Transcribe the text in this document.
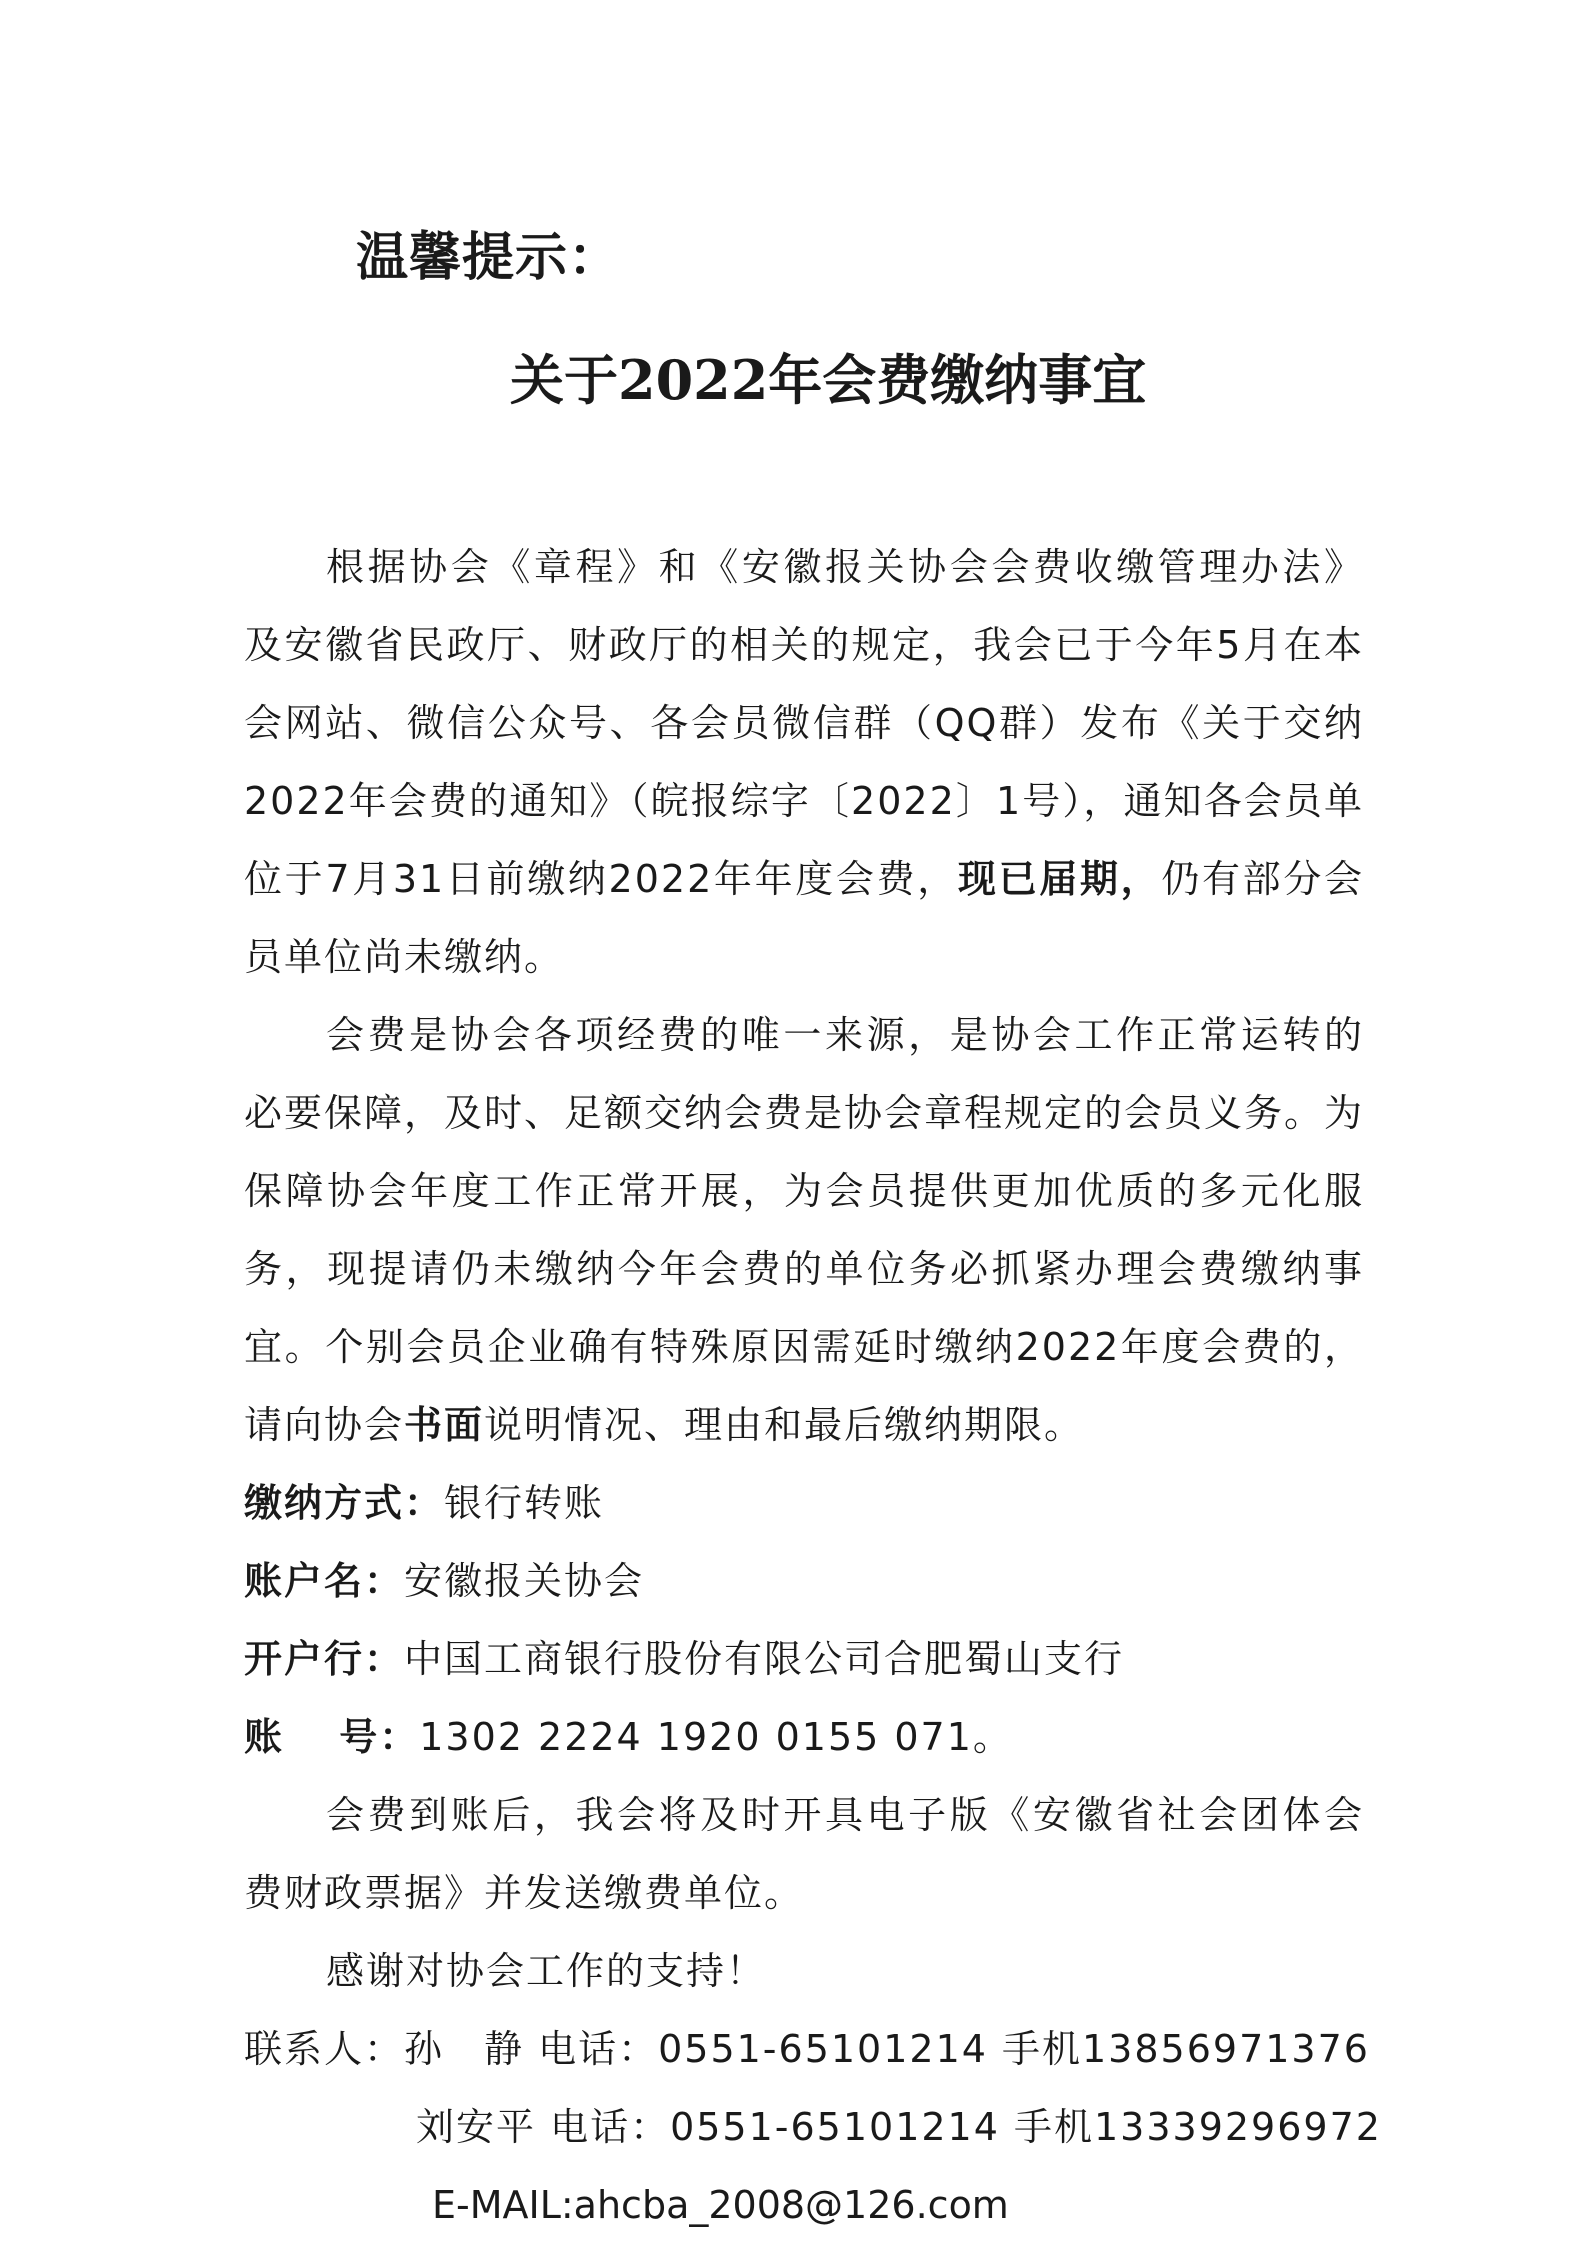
温馨提示：
关于2022年会费缴纳事宜

根据协会《章程》和《安徽报关协会会费收缴管理办法》及安徽省民政厅、财政厅的相关的规定，我会已于今年5月在本会网站、微信公众号、各会员微信群（QQ群）发布《关于交纳2022年会费的通知》（皖报综字〔2022〕1号），通知各会员单位于7月31日前缴纳2022年年度会费，现已届期，仍有部分会员单位尚未缴纳。

会费是协会各项经费的唯一来源，是协会工作正常运转的必要保障，及时、足额交纳会费是协会章程规定的会员义务。为保障协会年度工作正常开展，为会员提供更加优质的多元化服务，现提请仍未缴纳今年会费的单位务必抓紧办理会费缴纳事宜。个别会员企业确有特殊原因需延时缴纳2022年度会费的，请向协会书面说明情况、理由和最后缴纳期限。

缴纳方式：银行转账

账户名：安徽报关协会

开户行：中国工商银行股份有限公司合肥蜀山支行

账　 号：1302 2224 1920 0155 071。

会费到账后，我会将及时开具电子版《安徽省社会团体会费财政票据》并发送缴费单位。

感谢对协会工作的支持！

联系人：孙　静 电话：0551-65101214 手机13856971376

刘安平 电话：0551-65101214 手机13339296972

E-MAIL:ahcba_2008@126.com
